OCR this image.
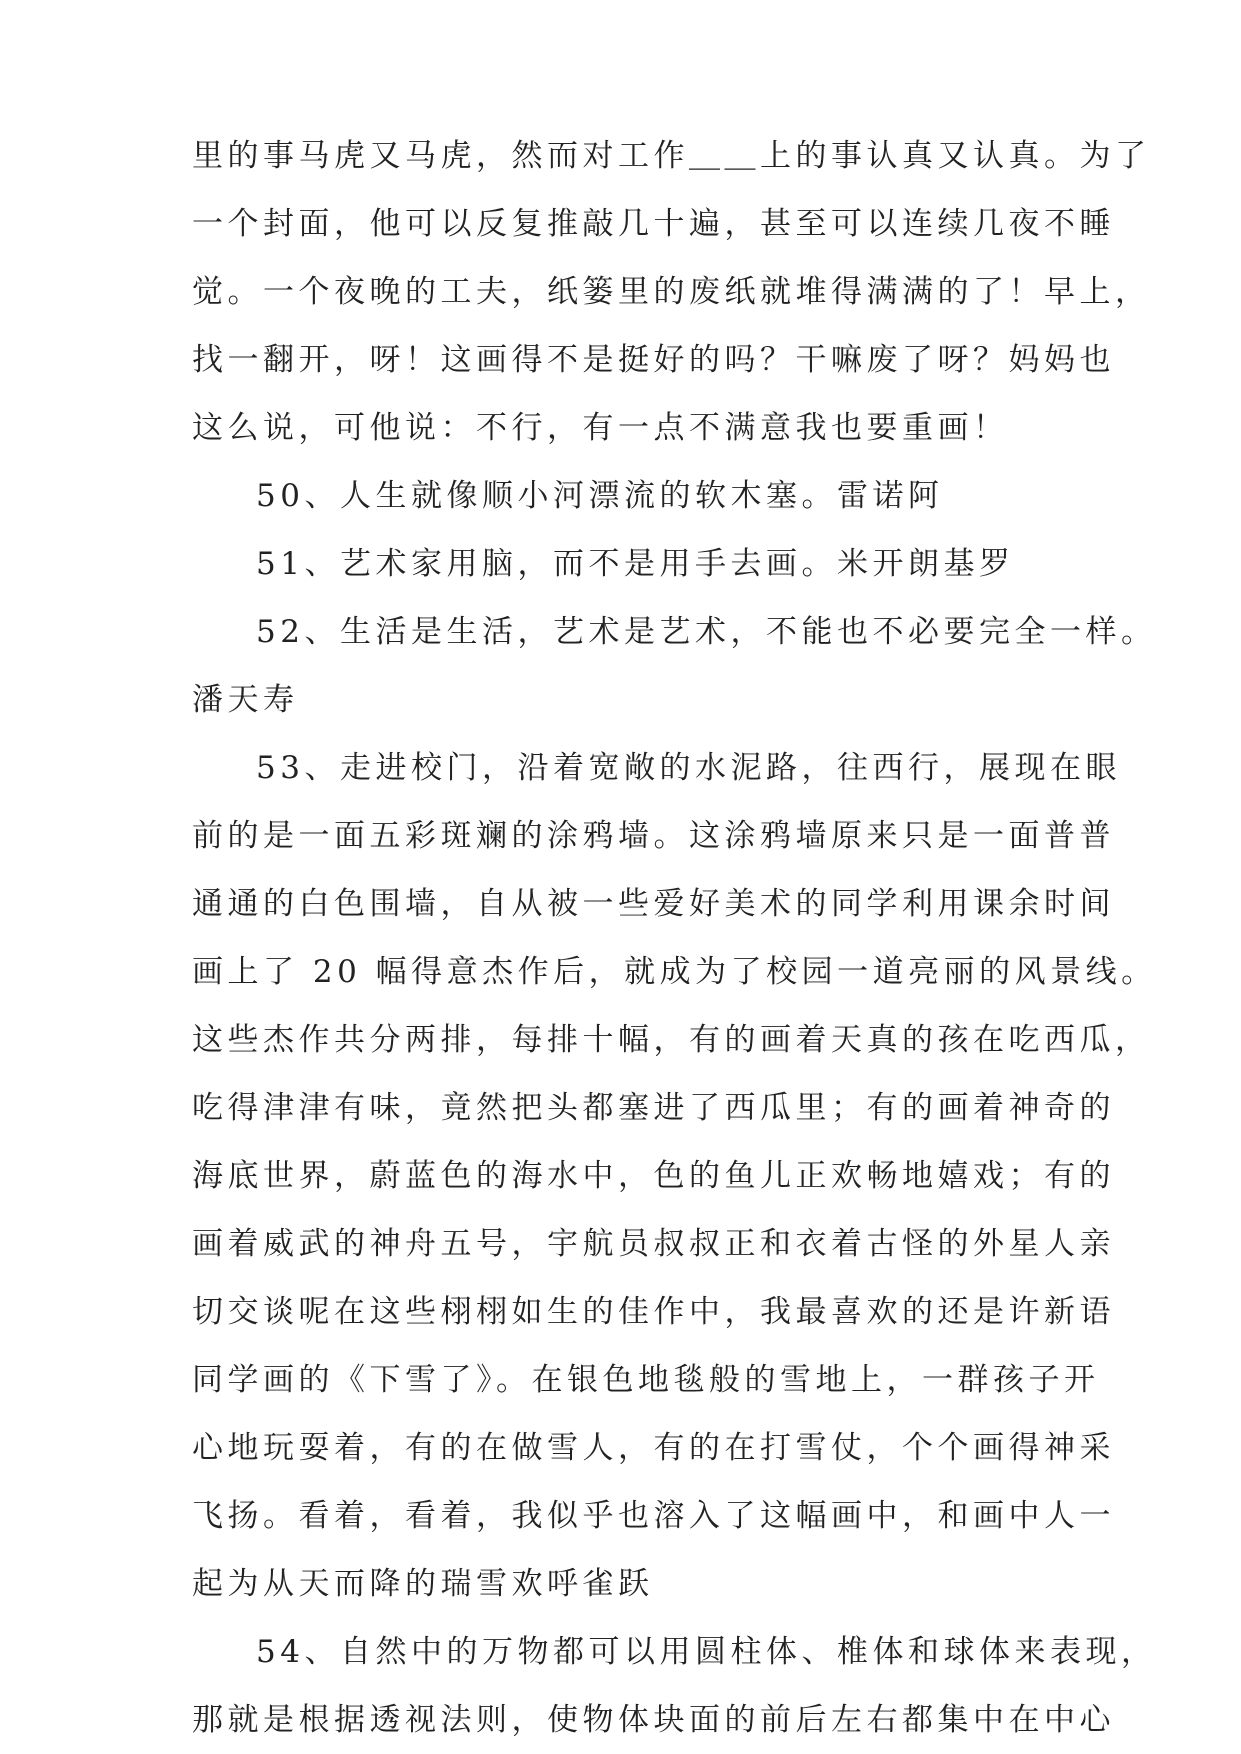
里的事马虎又马虎，然而对工作＿＿上的事认真又认真。为了
一个封面，他可以反复推敲几十遍，甚至可以连续几夜不睡
觉。一个夜晚的工夫，纸篓里的废纸就堆得满满的了！早上，
找一翻开，呀！这画得不是挺好的吗？干嘛废了呀？妈妈也
这么说，可他说：不行，有一点不满意我也要重画！
50、人生就像顺小河漂流的软木塞。雷诺阿
51、艺术家用脑，而不是用手去画。米开朗基罗
52、生活是生活，艺术是艺术，不能也不必要完全一样。
潘天寿
53、走进校门，沿着宽敞的水泥路，往西行，展现在眼
前的是一面五彩斑斓的涂鸦墙。这涂鸦墙原来只是一面普普
通通的白色围墙，自从被一些爱好美术的同学利用课余时间
画上了 20 幅得意杰作后，就成为了校园一道亮丽的风景线。
这些杰作共分两排，每排十幅，有的画着天真的孩在吃西瓜，
吃得津津有味，竟然把头都塞进了西瓜里；有的画着神奇的
海底世界，蔚蓝色的海水中，色的鱼儿正欢畅地嬉戏；有的
画着威武的神舟五号，宇航员叔叔正和衣着古怪的外星人亲
切交谈呢在这些栩栩如生的佳作中，我最喜欢的还是许新语
同学画的《下雪了》。在银色地毯般的雪地上，一群孩子开
心地玩耍着，有的在做雪人，有的在打雪仗，个个画得神采
飞扬。看着，看着，我似乎也溶入了这幅画中，和画中人一
起为从天而降的瑞雪欢呼雀跃
54、自然中的万物都可以用圆柱体、椎体和球体来表现，
那就是根据透视法则，使物体块面的前后左右都集中在中心
